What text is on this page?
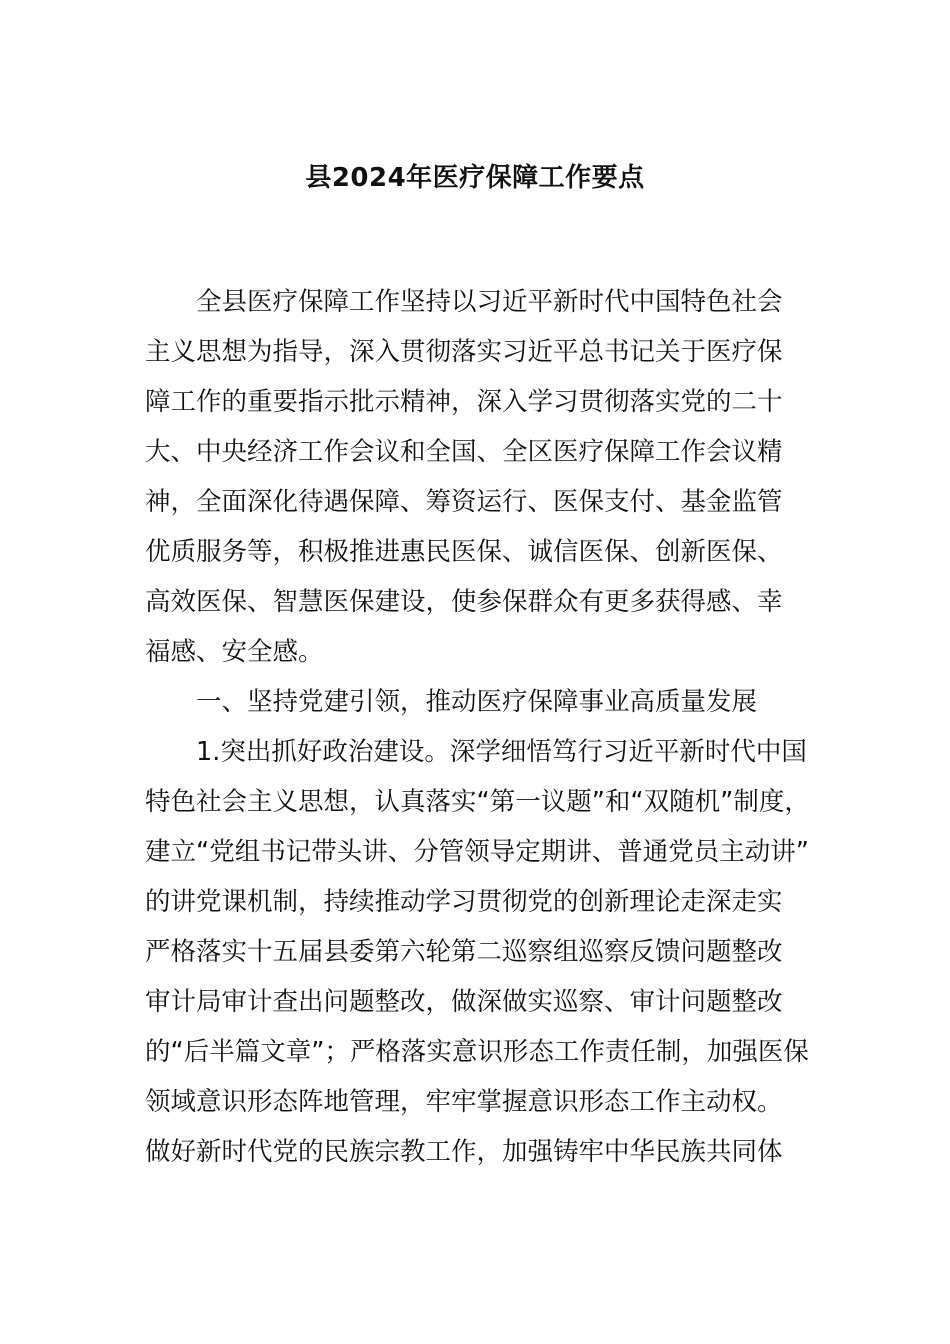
县2024年医疗保障工作要点
全县医疗保障工作坚持以习近平新时代中国特色社会
主义思想为指导，深入贯彻落实习近平总书记关于医疗保
障工作的重要指示批示精神，深入学习贯彻落实党的二十
大、中央经济工作会议和全国、全区医疗保障工作会议精
神，全面深化待遇保障、筹资运行、医保支付、基金监管
优质服务等，积极推进惠民医保、诚信医保、创新医保、
高效医保、智慧医保建设，使参保群众有更多获得感、幸
福感、安全感。
一、坚持党建引领，推动医疗保障事业高质量发展
1.突出抓好政治建设。深学细悟笃行习近平新时代中国
特色社会主义思想，认真落实“第一议题”和“双随机”制度，
建立“党组书记带头讲、分管领导定期讲、普通党员主动讲”
的讲党课机制，持续推动学习贯彻党的创新理论走深走实
严格落实十五届县委第六轮第二巡察组巡察反馈问题整改
审计局审计查出问题整改，做深做实巡察、审计问题整改
的“后半篇文章”；严格落实意识形态工作责任制，加强医保
领域意识形态阵地管理，牢牢掌握意识形态工作主动权。
做好新时代党的民族宗教工作，加强铸牢中华民族共同体
